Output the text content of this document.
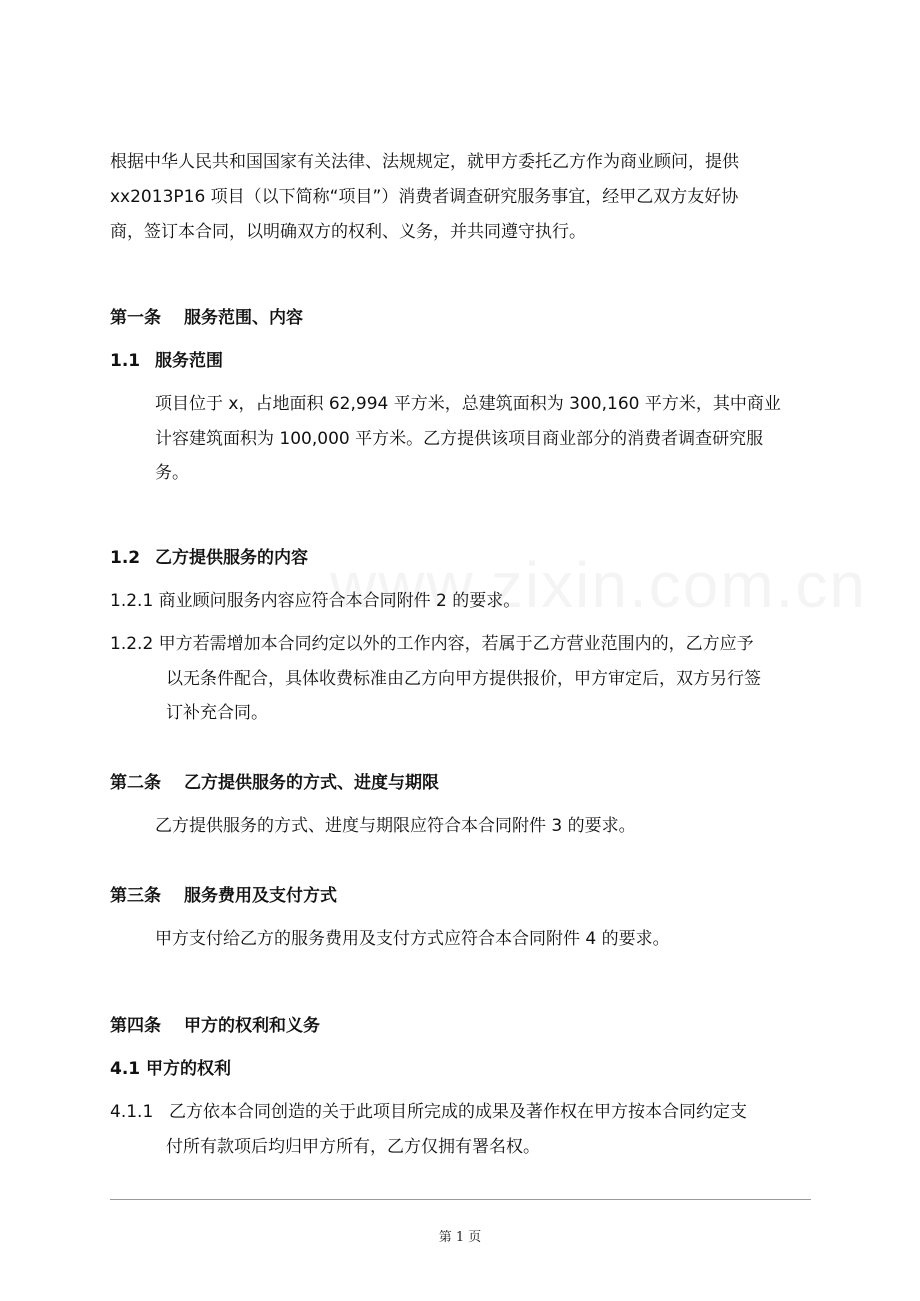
根据中华人民共和国国家有关法律、法规规定，就甲方委托乙方作为商业顾问，提供
xx2013P16 项目（以下简称“项目”）消费者调查研究服务事宜，经甲乙双方友好协
商，签订本合同，以明确双方的权利、义务，并共同遵守执行。
第一条 服务范围、内容
1.1 服务范围
项目位于 x，占地面积 62,994 平方米，总建筑面积为 300,160 平方米，其中商业
计容建筑面积为 100,000 平方米。乙方提供该项目商业部分的消费者调查研究服
务。
1.2 乙方提供服务的内容
1.2.1 商业顾问服务内容应符合本合同附件 2 的要求。
1.2.2 甲方若需增加本合同约定以外的工作内容，若属于乙方营业范围内的，乙方应予
以无条件配合，具体收费标准由乙方向甲方提供报价，甲方审定后，双方另行签
订补充合同。
第二条 乙方提供服务的方式、进度与期限
乙方提供服务的方式、进度与期限应符合本合同附件 3 的要求。
第三条 服务费用及支付方式
甲方支付给乙方的服务费用及支付方式应符合本合同附件 4 的要求。
第四条 甲方的权利和义务
4.1 甲方的权利
4.1.1 乙方依本合同创造的关于此项目所完成的成果及著作权在甲方按本合同约定支
付所有款项后均归甲方所有，乙方仅拥有署名权。
第 1 页
